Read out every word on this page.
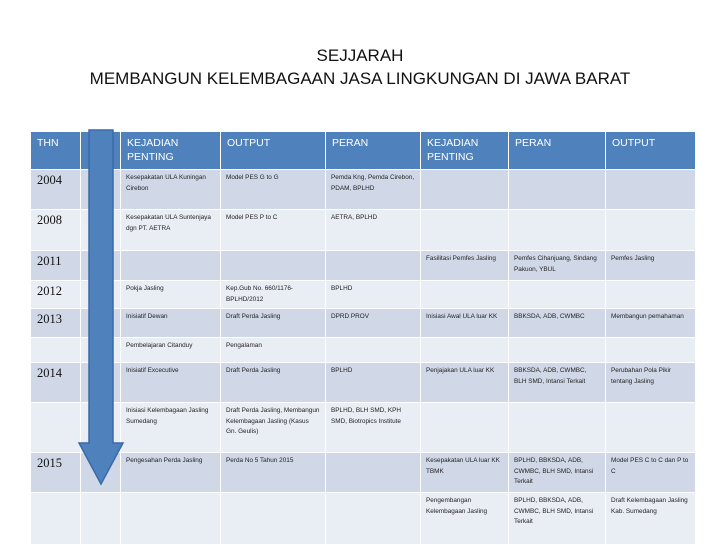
SEJJARAH
MEMBANGUN KELEMBAGAAN JASA LINGKUNGAN DI JAWA BARAT
THN		KEJADIAN PENTING	OUTPUT	PERAN	KEJADIAN PENTING	PERAN	OUTPUT
2004		Kesepakatan ULA Kuningan Cirebon	Model PES G to G	Pemda Kng, Pemda Cirebon, PDAM, BPLHD			
2008		Kesepakatan ULA Suntenjaya dgn PT. AETRA	Model PES P to C	AETRA, BPLHD			
2011					Fasilitasi Pemfes Jasling	Pemfes Cihanjuang, Sindang Pakuon, YBUL	Pemfes Jasling
2012		Pokja Jasling	Kep.Gub No. 660/1176-BPLHD/2012	BPLHD			
2013		Inisiatif Dewan	Draft Perda Jasling	DPRD PROV	Inisiasi Awal ULA luar KK	BBKSDA, ADB, CWMBC	Membangun pemahaman
		Pembelajaran Citanduy	Pengalaman				
2014		Inisiatif Excecutive	Draft Perda Jasling	BPLHD	Penjajakan ULA luar KK	BBKSDA, ADB, CWMBC, BLH SMD, Intansi Terkait	Perubahan Pola Pikir tentang Jasling
		Inisiasi Kelembagaan Jasling Sumedang	Draft Perda Jasling, Membangun Kelembagaan Jasling (Kasus Gn. Geulis)	BPLHD, BLH SMD, KPH SMD, Biotropics Institute			
2015		Pengesahan Perda Jasling	Perda No 5 Tahun 2015		Kesepakatan ULA luar KK TBMK	BPLHD, BBKSDA, ADB, CWMBC, BLH SMD, Intansi Terkait	Model PES C to C dan P to C
					Pengembangan Kelembagaan Jasling	BPLHD, BBKSDA, ADB, CWMBC, BLH SMD, Intansi Terkait	Draft Kelembagaan Jasling Kab. Sumedang
